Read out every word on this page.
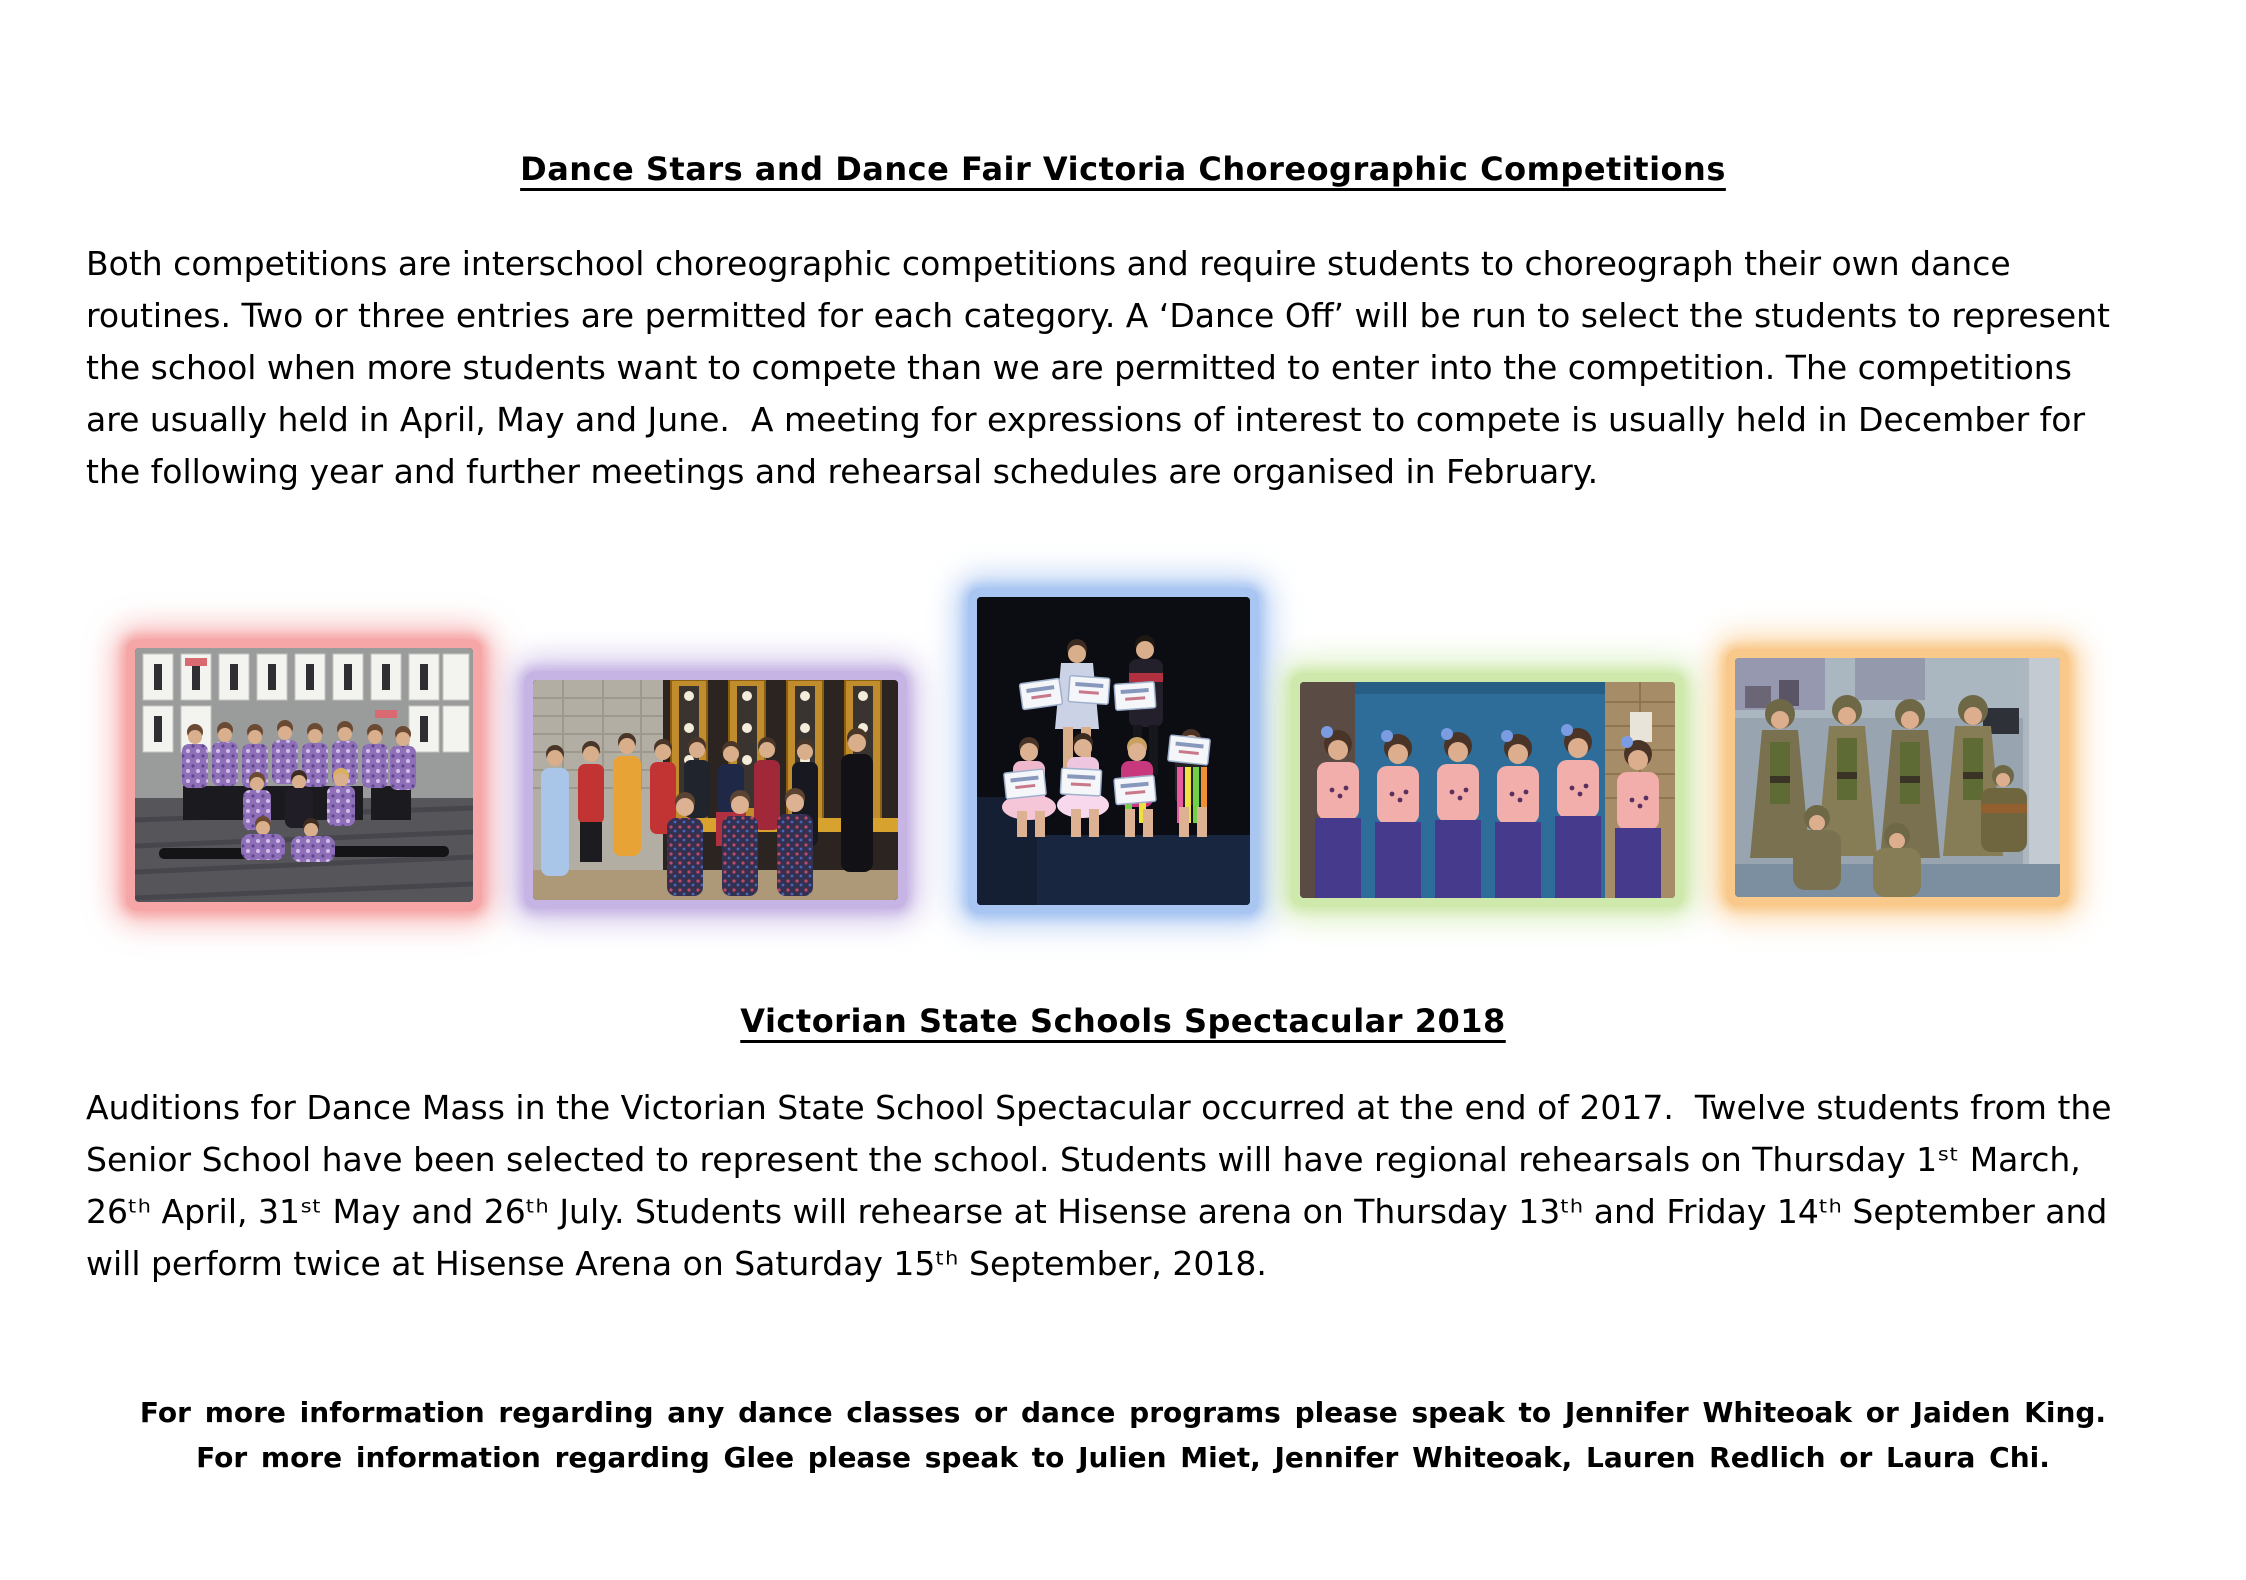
Dance Stars and Dance Fair Victoria Choreographic Competitions
Both competitions are interschool choreographic competitions and require students to choreograph their own dance routines. Two or three entries are permitted for each category. A ‘Dance Off’ will be run to select the students to represent the school when more students want to compete than we are permitted to enter into the competition. The competitions are usually held in April, May and June.  A meeting for expressions of interest to compete is usually held in December for the following year and further meetings and rehearsal schedules are organised in February.
Victorian State Schools Spectacular 2018
Auditions for Dance Mass in the Victorian State School Spectacular occurred at the end of 2017.  Twelve students from the Senior School have been selected to represent the school. Students will have regional rehearsals on Thursday 1ˢᵗ March, 26ᵗʰ April, 31ˢᵗ May and 26ᵗʰ July. Students will rehearse at Hisense arena on Thursday 13ᵗʰ and Friday 14ᵗʰ September and will perform twice at Hisense Arena on Saturday 15ᵗʰ September, 2018.
For more information regarding any dance classes or dance programs please speak to Jennifer Whiteoak or Jaiden King.
For more information regarding Glee please speak to Julien Miet, Jennifer Whiteoak, Lauren Redlich or Laura Chi.
